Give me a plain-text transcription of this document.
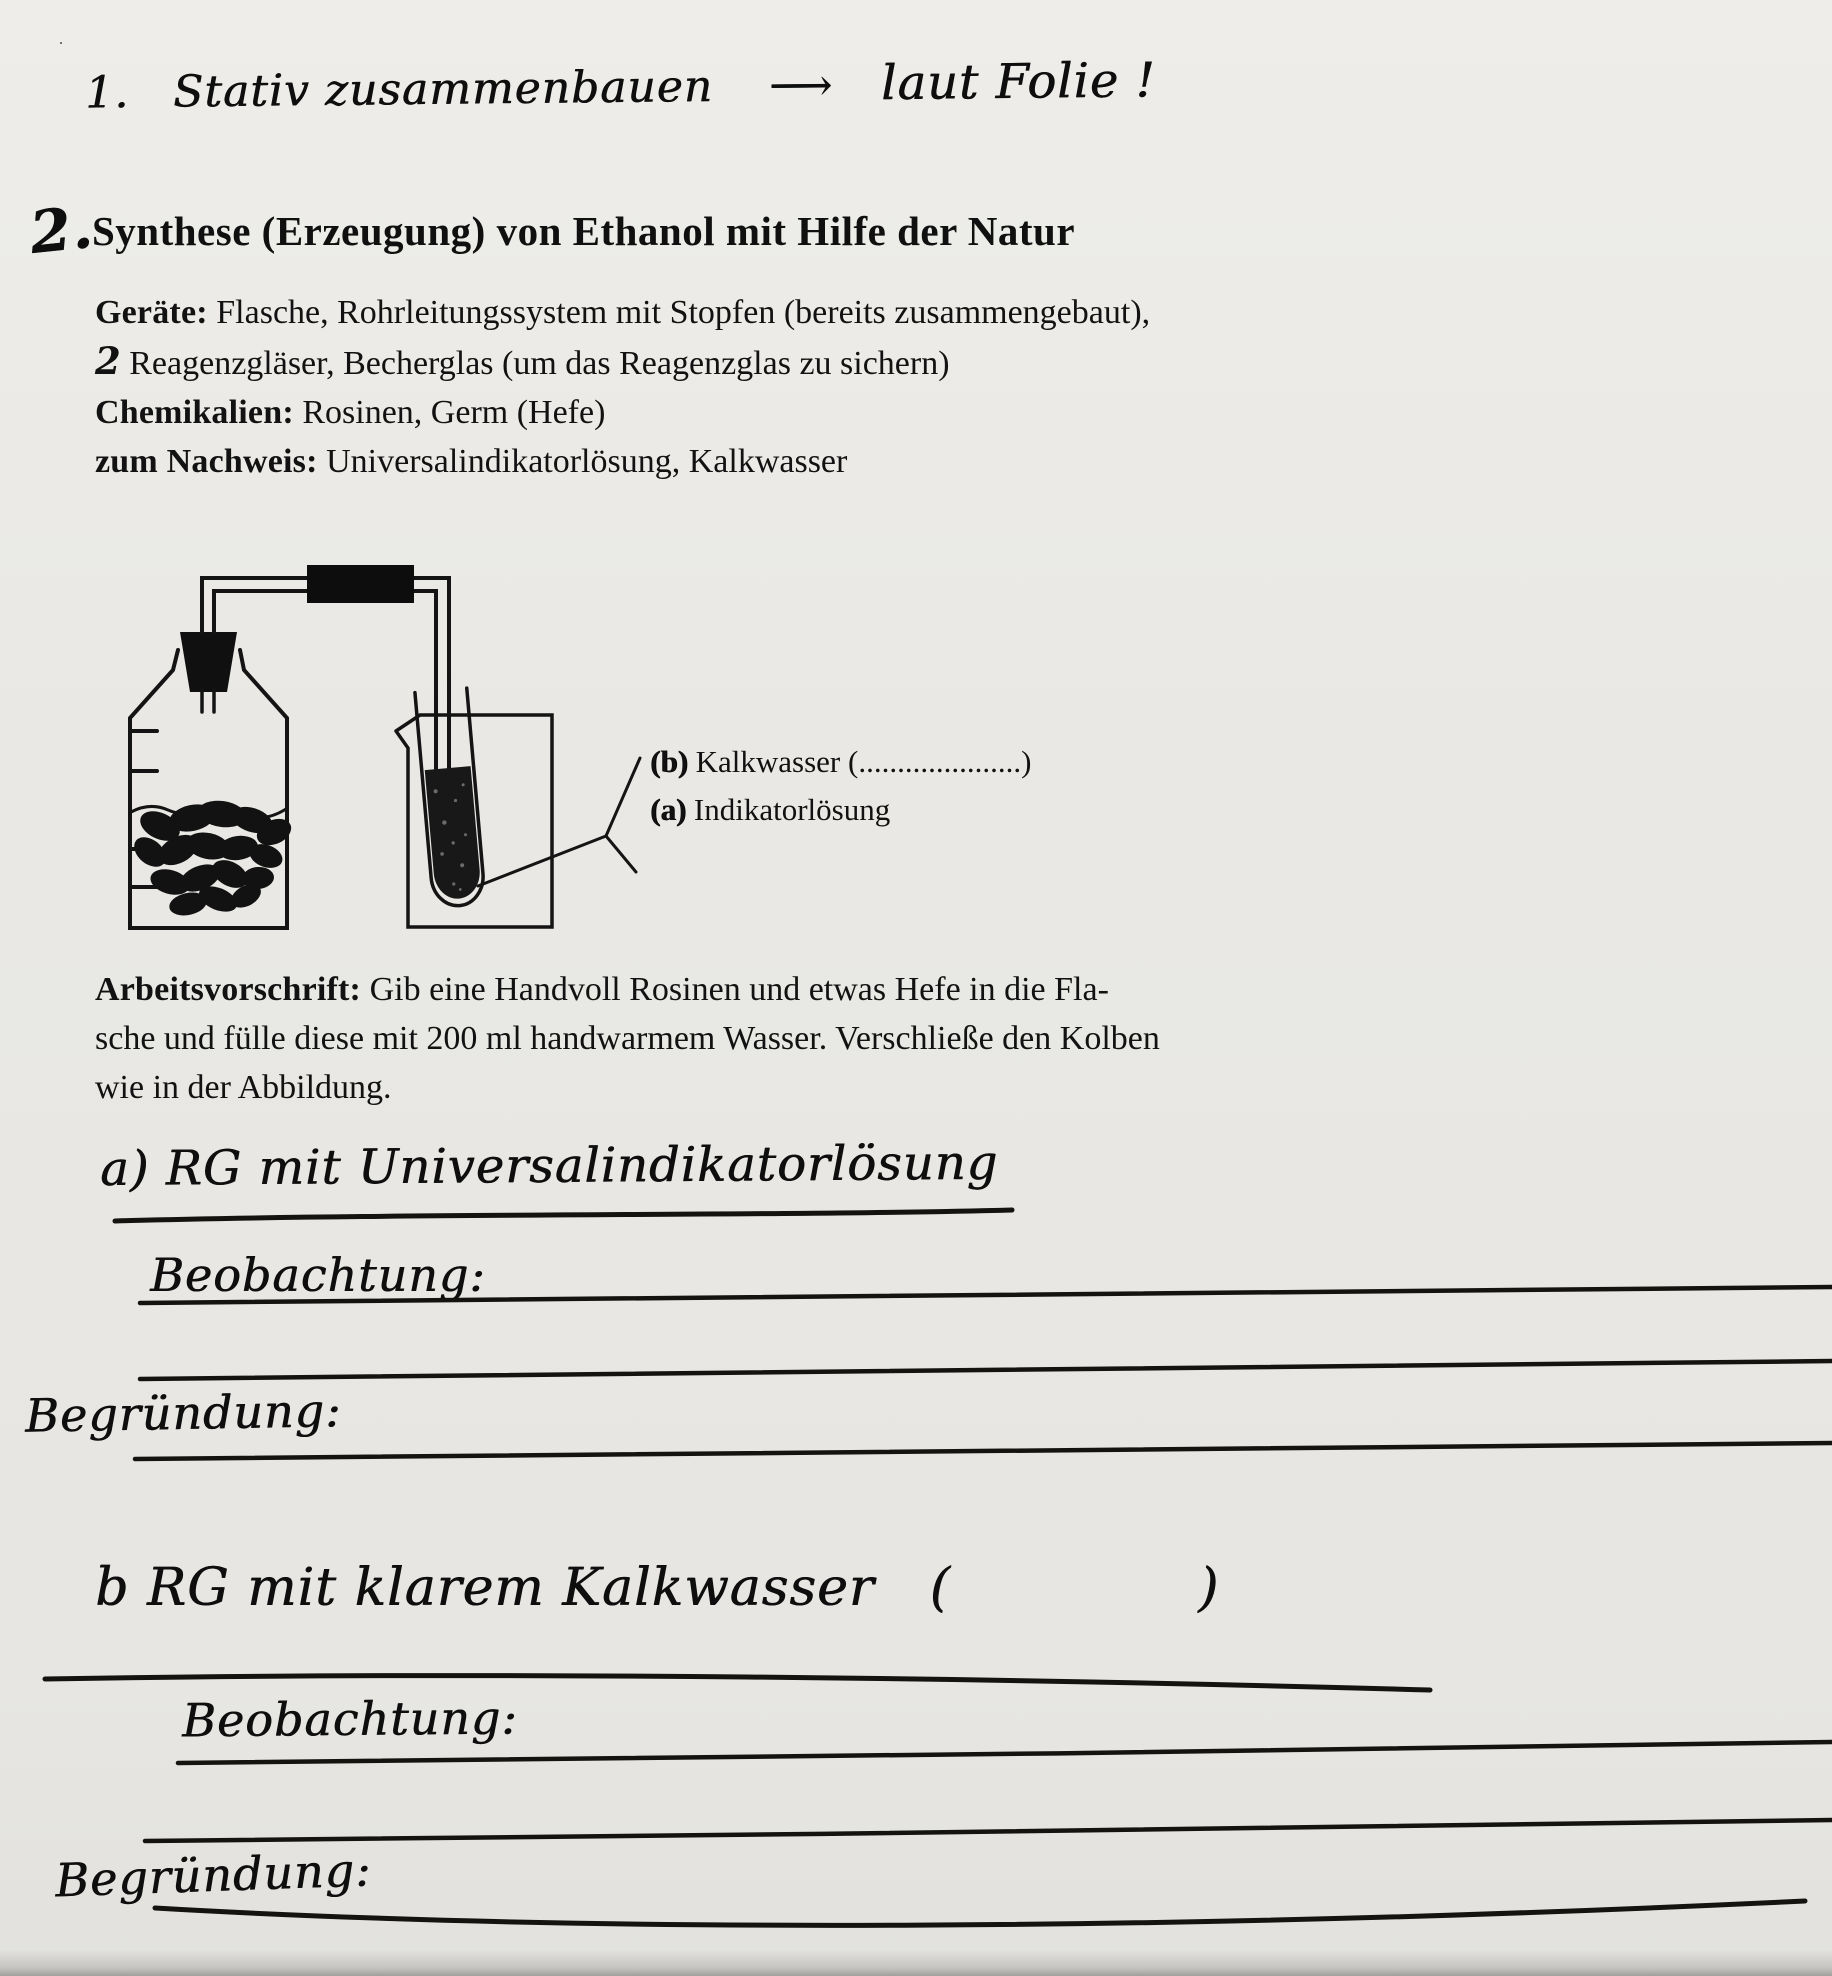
1. Stativ zusammenbauen ⟶ laut Folie !
2.
Synthese (Erzeugung) von Ethanol mit Hilfe der Natur
Geräte: Flasche, Rohrleitungssystem mit Stopfen (bereits zusammengebaut),
2 Reagenzgläser, Becherglas (um das Reagenzglas zu sichern)
Chemikalien: Rosinen, Germ (Hefe)
zum Nachweis: Universalindikatorlösung, Kalkwasser
(b) Kalkwasser (.....................)
(a) Indikatorlösung
Arbeitsvorschrift: Gib eine Handvoll Rosinen und etwas Hefe in die Fla-
sche und fülle diese mit 200 ml handwarmem Wasser. Verschließe den Kolben
wie in der Abbildung.
a) RG mit Universalindikatorlösung
Beobachtung:
Begründung:
b RG mit klarem Kalkwasser (	)
Beobachtung:
Begründung:
